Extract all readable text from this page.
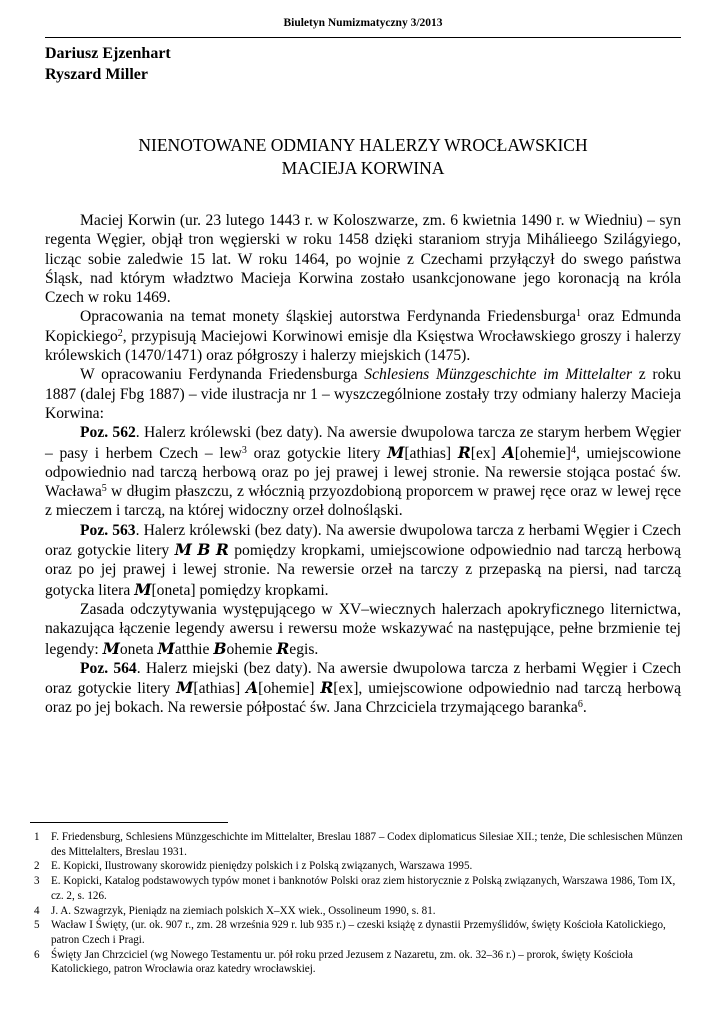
Biuletyn Numizmatyczny 3/2013
Dariusz Ejzenhart
Ryszard Miller
NIENOTOWANE ODMIANY HALERZY WROCŁAWSKICH
MACIEJA KORWINA

Maciej Korwin (ur. 23 lutego 1443 r. w Koloszwarze, zm. 6 kwietnia 1490 r. w Wiedniu) – syn regenta Węgier, objął tron węgierski w roku 1458 dzięki staraniom stryja Mihálieego Szilágyiego, licząc sobie zaledwie 15 lat. W roku 1464, po wojnie z Czechami przyłączył do swego państwa Śląsk, nad którym władztwo Macieja Korwina zostało usankcjonowane jego koronacją na króla Czech w roku 1469.

Opracowania na temat monety śląskiej autorstwa Ferdynanda Friedensburga$^1$ oraz Edmunda Kopickiego$^2$, przypisują Maciejowi Korwinowi emisje dla Księstwa Wrocławskiego groszy i halerzy królewskich (1470/1471) oraz półgroszy i halerzy miejskich (1475).

W opracowaniu Ferdynanda Friedensburga Schlesiens Münzgeschichte im Mittelalter z roku 1887 (dalej Fbg 1887) – vide ilustracja nr 1 – wyszczególnione zostały trzy odmiany halerzy Macieja Korwina:

Poz. 562. Halerz królewski (bez daty). Na awersie dwupolowa tarcza ze starym herbem Węgier – pasy i herbem Czech – lew$^3$ oraz gotyckie litery M[athias] R[ex] A[ohemie]$^4$, umiejscowione odpowiednio nad tarczą herbową oraz po jej prawej i lewej stronie. Na rewersie stojąca postać św. Wacława$^5$ w długim płaszczu, z włócznią przyozdobioną proporcem w prawej ręce oraz w lewej ręce z mieczem i tarczą, na której widoczny orzeł dolnośląski.

Poz. 563. Halerz królewski (bez daty). Na awersie dwupolowa tarcza z herbami Węgier i Czech oraz gotyckie litery M B R pomiędzy kropkami, umiejscowione odpowiednio nad tarczą herbową oraz po jej prawej i lewej stronie. Na rewersie orzeł na tarczy z przepaską na piersi, nad tarczą gotycka litera M[oneta] pomiędzy kropkami.

Zasada odczytywania występującego w XV–wiecznych halerzach apokryficznego liternictwa, nakazująca łączenie legendy awersu i rewersu może wskazywać na następujące, pełne brzmienie tej legendy: Moneta Matthie Bohemie Regis.

Poz. 564. Halerz miejski (bez daty). Na awersie dwupolowa tarcza z herbami Węgier i Czech oraz gotyckie litery M[athias] A[ohemie] R[ex], umiejscowione odpowiednio nad tarczą herbową oraz po jej bokach. Na rewersie półpostać św. Jana Chrzciciela trzymającego baranka$^6$.

1 F. Friedensburg, Schlesiens Münzgeschichte im Mittelalter, Breslau 1887 – Codex diplomaticus Silesiae XII.; tenże, Die schlesischen Münzen des Mittelalters, Breslau 1931.
2 E. Kopicki, Ilustrowany skorowidz pieniędzy polskich i z Polską związanych, Warszawa 1995.
3 E. Kopicki, Katalog podstawowych typów monet i banknotów Polski oraz ziem historycznie z Polską związanych, Warszawa 1986, Tom IX, cz. 2, s. 126.
4 J. A. Szwagrzyk, Pieniądz na ziemiach polskich X–XX wiek., Ossolineum 1990, s. 81.
5 Wacław I Święty, (ur. ok. 907 r., zm. 28 września 929 r. lub 935 r.) – czeski książę z dynastii Przemyślidów, święty Kościoła Katolickiego, patron Czech i Pragi.
6 Święty Jan Chrzciciel (wg Nowego Testamentu ur. pół roku przed Jezusem z Nazaretu, zm. ok. 32–36 r.) – prorok, święty Kościoła Katolickiego, patron Wrocławia oraz katedry wrocławskiej.
